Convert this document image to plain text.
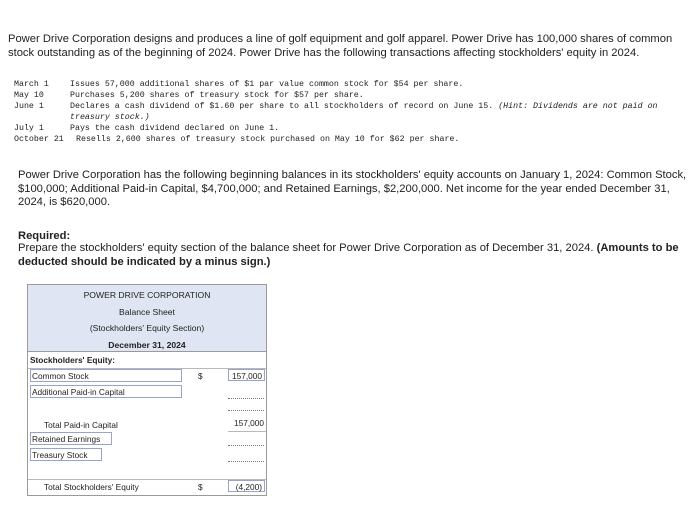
Power Drive Corporation designs and produces a line of golf equipment and golf apparel. Power Drive has 100,000 shares of common stock outstanding as of the beginning of 2024. Power Drive has the following transactions affecting stockholders' equity in 2024.
March 1	Issues 57,000 additional shares of $1 par value common stock for $54 per share.
May 10	Purchases 5,200 shares of treasury stock for $57 per share.
June 1	Declares a cash dividend of $1.60 per share to all stockholders of record on June 15. (Hint: Dividends are not paid on treasury stock.)
July 1	Pays the cash dividend declared on June 1.
October 21	Resells 2,600 shares of treasury stock purchased on May 10 for $62 per share.
Power Drive Corporation has the following beginning balances in its stockholders' equity accounts on January 1, 2024: Common Stock, $100,000; Additional Paid-in Capital, $4,700,000; and Retained Earnings, $2,200,000. Net income for the year ended December 31, 2024, is $620,000.
Required:
Prepare the stockholders' equity section of the balance sheet for Power Drive Corporation as of December 31, 2024. (Amounts to be deducted should be indicated by a minus sign.)
POWER DRIVE CORPORATION
Balance Sheet
(Stockholders' Equity Section)
December 31, 2024
Stockholders' Equity:
Common Stock	$	157,000
Additional Paid-in Capital
Total Paid-in Capital	157,000
Retained Earnings
Treasury Stock
Total Stockholders' Equity	$	(4,200)
